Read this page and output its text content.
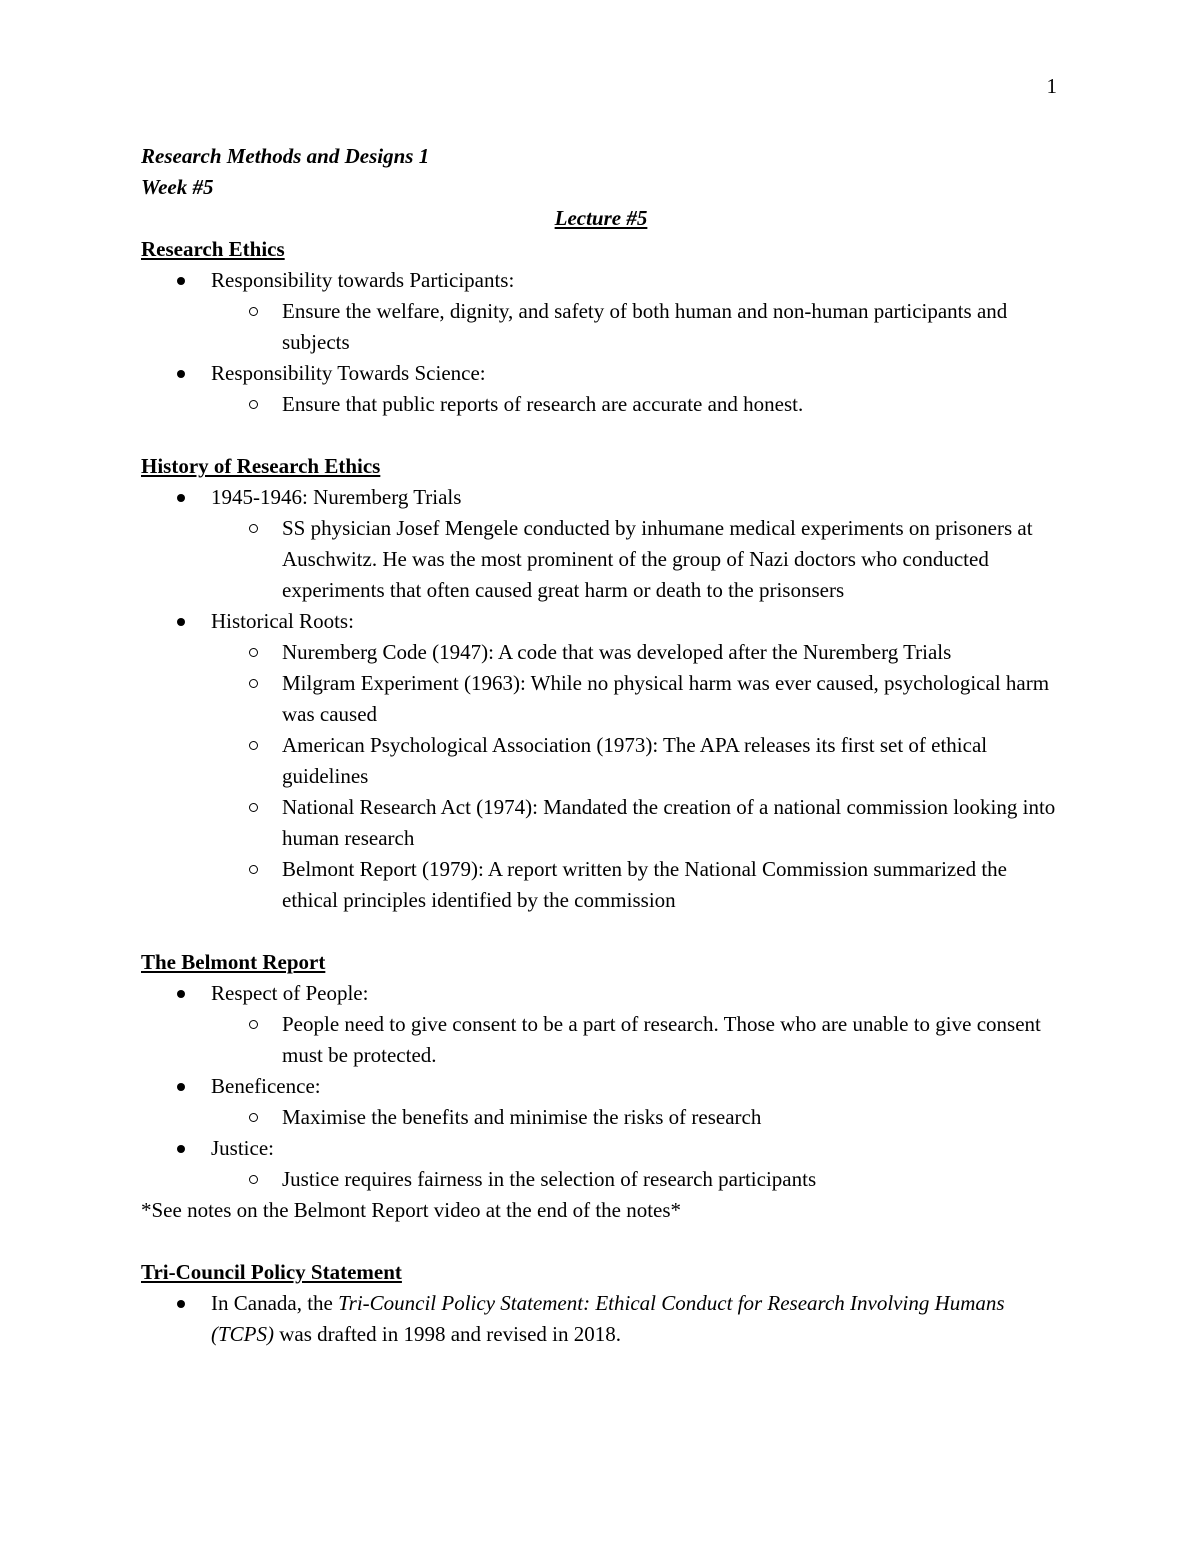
1

Research Methods and Designs 1

Week #5

Lecture #5

Research Ethics

Responsibility towards Participants:
Ensure the welfare, dignity, and safety of both human and non-human participants and subjects
Responsibility Towards Science:
Ensure that public reports of research are accurate and honest.

History of Research Ethics

1945-1946: Nuremberg Trials
SS physician Josef Mengele conducted by inhumane medical experiments on prisoners at Auschwitz. He was the most prominent of the group of Nazi doctors who conducted experiments that often caused great harm or death to the prisonsers
Historical Roots:
Nuremberg Code (1947): A code that was developed after the Nuremberg Trials
Milgram Experiment (1963): While no physical harm was ever caused, psychological harm was caused
American Psychological Association (1973): The APA releases its first set of ethical guidelines
National Research Act (1974): Mandated the creation of a national commission looking into human research
Belmont Report (1979): A report written by the National Commission summarized the ethical principles identified by the commission

The Belmont Report

Respect of People:
People need to give consent to be a part of research. Those who are unable to give consent must be protected.
Beneficence:
Maximise the benefits and minimise the risks of research
Justice:
Justice requires fairness in the selection of research participants

*See notes on the Belmont Report video at the end of the notes*

Tri-Council Policy Statement

In Canada, the Tri-Council Policy Statement: Ethical Conduct for Research Involving Humans (TCPS) was drafted in 1998 and revised in 2018.
